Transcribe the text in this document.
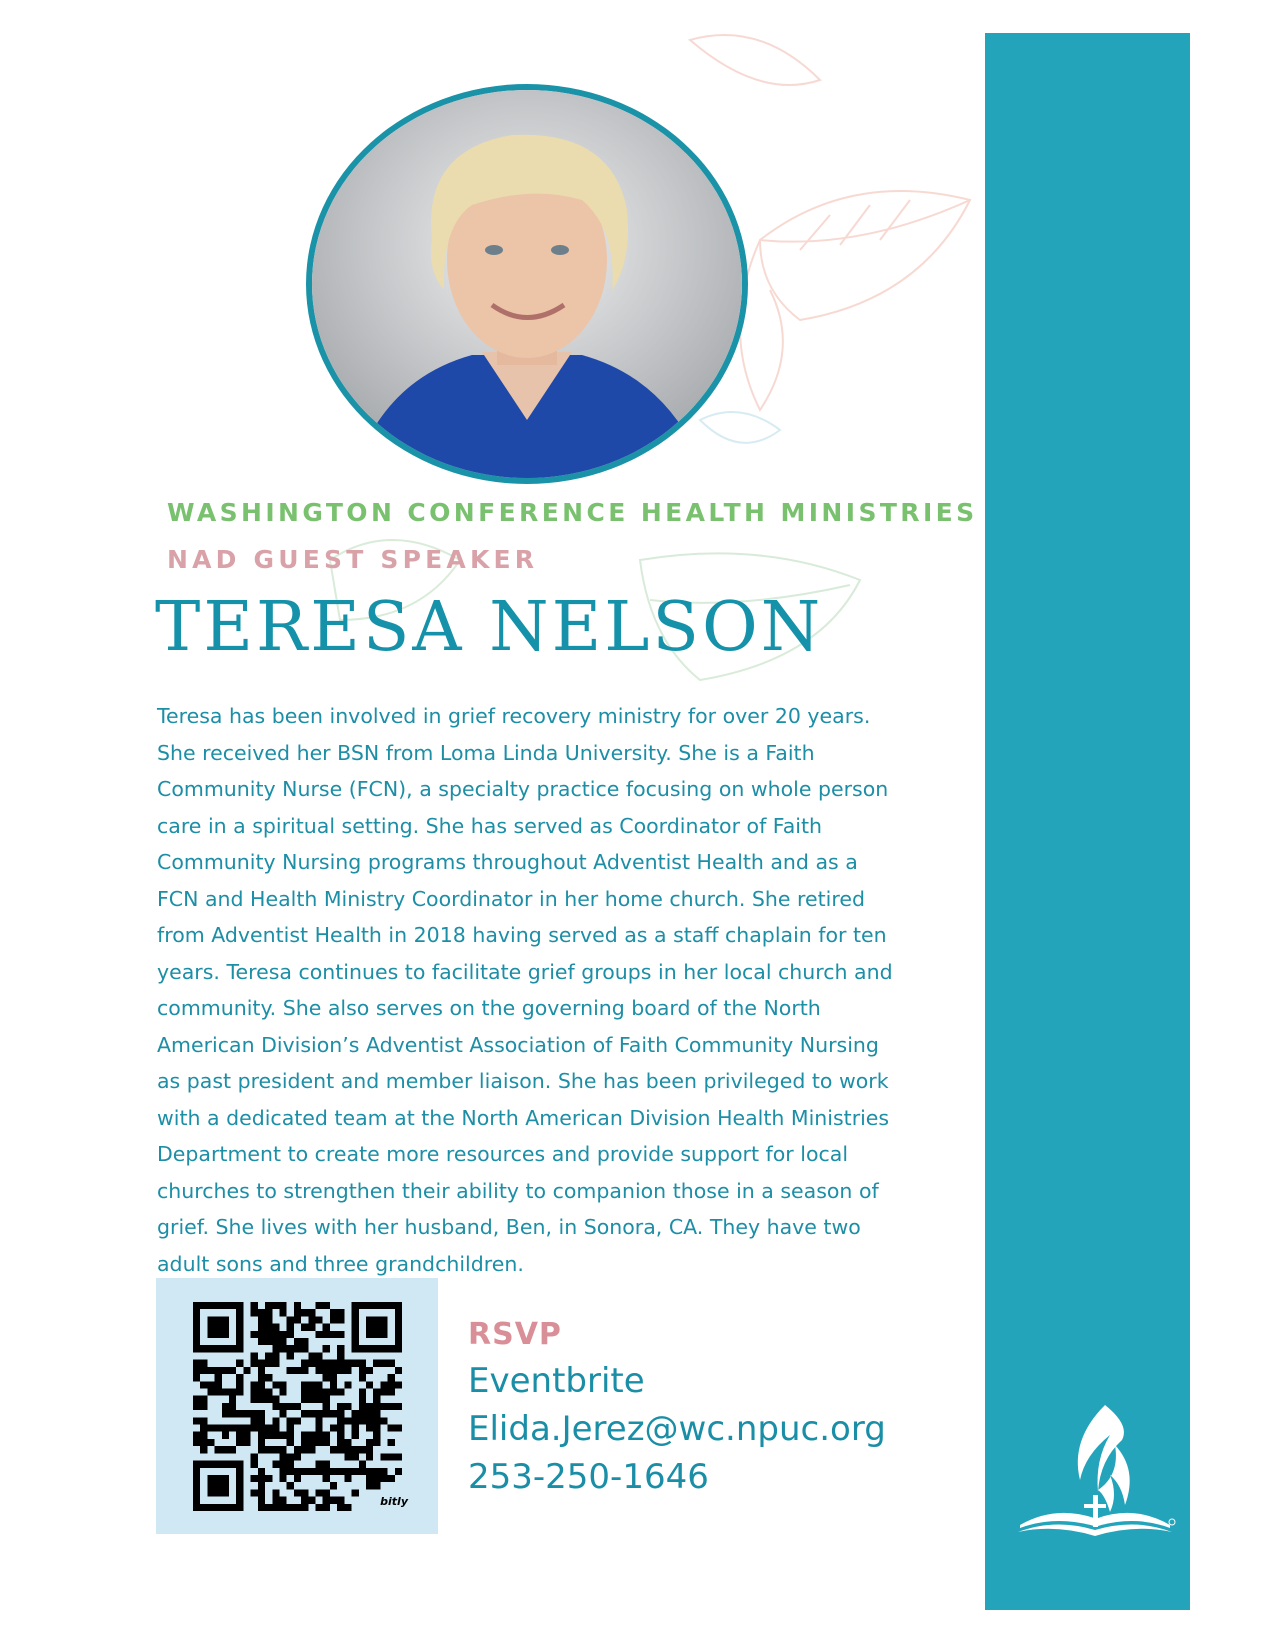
WASHINGTON CONFERENCE HEALTH MINISTRIES
NAD GUEST SPEAKER
TERESA NELSON
Teresa has been involved in grief recovery ministry for over 20 years.
She received her BSN from Loma Linda University. She is a Faith
Community Nurse (FCN), a specialty practice focusing on whole person
care in a spiritual setting. She has served as Coordinator of Faith
Community Nursing programs throughout Adventist Health and as a
FCN and Health Ministry Coordinator in her home church. She retired
from Adventist Health in 2018 having served as a staff chaplain for ten
years. Teresa continues to facilitate grief groups in her local church and
community. She also serves on the governing board of the North
American Division’s Adventist Association of Faith Community Nursing
as past president and member liaison. She has been privileged to work
with a dedicated team at the North American Division Health Ministries
Department to create more resources and provide support for local
churches to strengthen their ability to companion those in a season of
grief. She lives with her husband, Ben, in Sonora, CA. They have two
adult sons and three grandchildren.
bitly
RSVP

Eventbrite

Elida.Jerez@wc.npuc.org

253-250-1646
